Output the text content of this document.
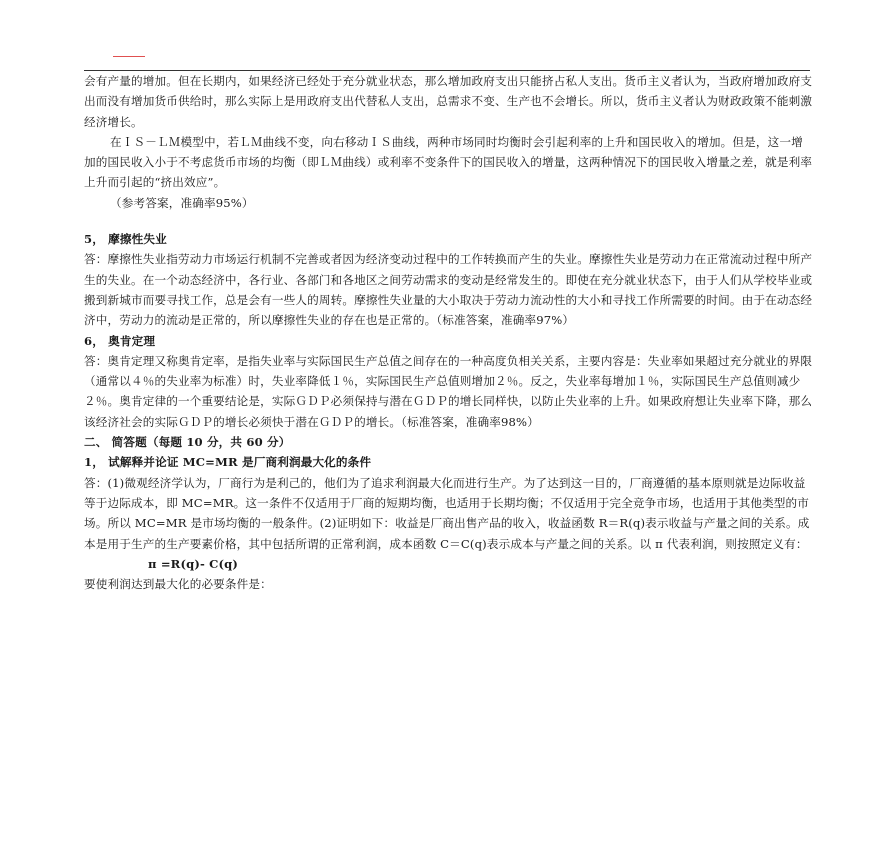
会有产量的增加。但在长期内，如果经济已经处于充分就业状态，那么增加政府支出只能挤占私人支出。货币主义者认为，当政府增加政府支出而没有增加货币供给时，那么实际上是用政府支出代替私人支出，总需求不变、生产也不会增长。所以，货币主义者认为财政政策不能刺激经济增长。

在ＩＳ－ＬＭ模型中，若ＬＭ曲线不变，向右移动ＩＳ曲线，两种市场同时均衡时会引起利率的上升和国民收入的增加。但是，这一增加的国民收入小于不考虑货币市场的均衡（即ＬＭ曲线）或利率不变条件下的国民收入的增量，这两种情况下的国民收入增量之差，就是利率上升而引起的“挤出效应”。

（参考答案，准确率95%）

5， 摩擦性失业

答：摩擦性失业指劳动力市场运行机制不完善或者因为经济变动过程中的工作转换而产生的失业。摩擦性失业是劳动力在正常流动过程中所产生的失业。在一个动态经济中，各行业、各部门和各地区之间劳动需求的变动是经常发生的。即使在充分就业状态下，由于人们从学校毕业或搬到新城市而要寻找工作，总是会有一些人的周转。摩擦性失业量的大小取决于劳动力流动性的大小和寻找工作所需要的时间。由于在动态经济中，劳动力的流动是正常的，所以摩擦性失业的存在也是正常的。（标准答案，准确率97%）

6， 奥肯定理

答：奥肯定理又称奥肯定率，是指失业率与实际国民生产总值之间存在的一种高度负相关关系，主要内容是：失业率如果超过充分就业的界限（通常以４％的失业率为标准）时，失业率降低１％，实际国民生产总值则增加２％。反之，失业率每增加１％，实际国民生产总值则减少２％。奥肯定律的一个重要结论是，实际ＧＤＰ必须保持与潜在ＧＤＰ的增长同样快，以防止失业率的上升。如果政府想让失业率下降，那么该经济社会的实际ＧＤＰ的增长必须快于潜在ＧＤＰ的增长。（标准答案，准确率98%）

二、 简答题（每题 10 分，共 60 分）

1， 试解释并论证 MC=MR 是厂商利润最大化的条件

答：(1)微观经济学认为，厂商行为是利己的，他们为了追求利润最大化而进行生产。为了达到这一目的，厂商遵循的基本原则就是边际收益等于边际成本，即 MC=MR。这一条件不仅适用于厂商的短期均衡，也适用于长期均衡；不仅适用于完全竞争市场，也适用于其他类型的市场。所以 MC=MR 是市场均衡的一般条件。(2)证明如下：收益是厂商出售产品的收入，收益函数 R＝R(q)表示收益与产量之间的关系。成本是用于生产的生产要素价格，其中包括所谓的正常利润，成本函数 C＝C(q)表示成本与产量之间的关系。以 π 代表利润，则按照定义有：

π =R(q)- C(q)

要使利润达到最大化的必要条件是：
